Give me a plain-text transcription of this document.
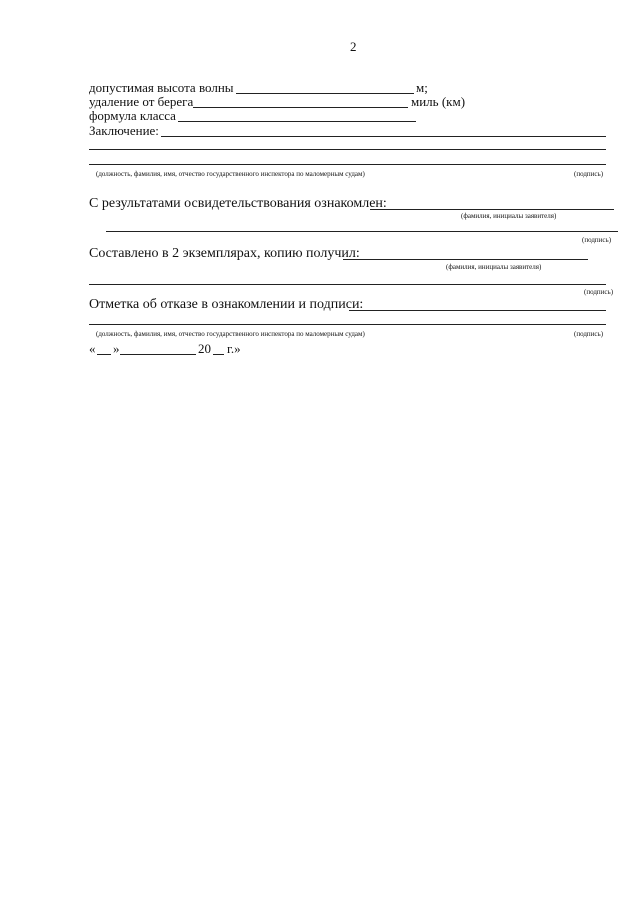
2
допустимая высота волны	м;
удаление от берега	миль (км)
формула класса
Заключение:
(должность, фамилия, имя, отчество государственного инспектора по маломерным судам)	(подпись)
С результатами освидетельствования ознакомлен:
(фамилия, инициалы заявителя)
(подпись)
Составлено в 2 экземплярах, копию получил:
(фамилия, инициалы заявителя)
(подпись)
Отметка об отказе в ознакомлении и подписи:
(должность, фамилия, имя, отчество государственного инспектора по маломерным судам)	(подпись)
« »	20 г.»
